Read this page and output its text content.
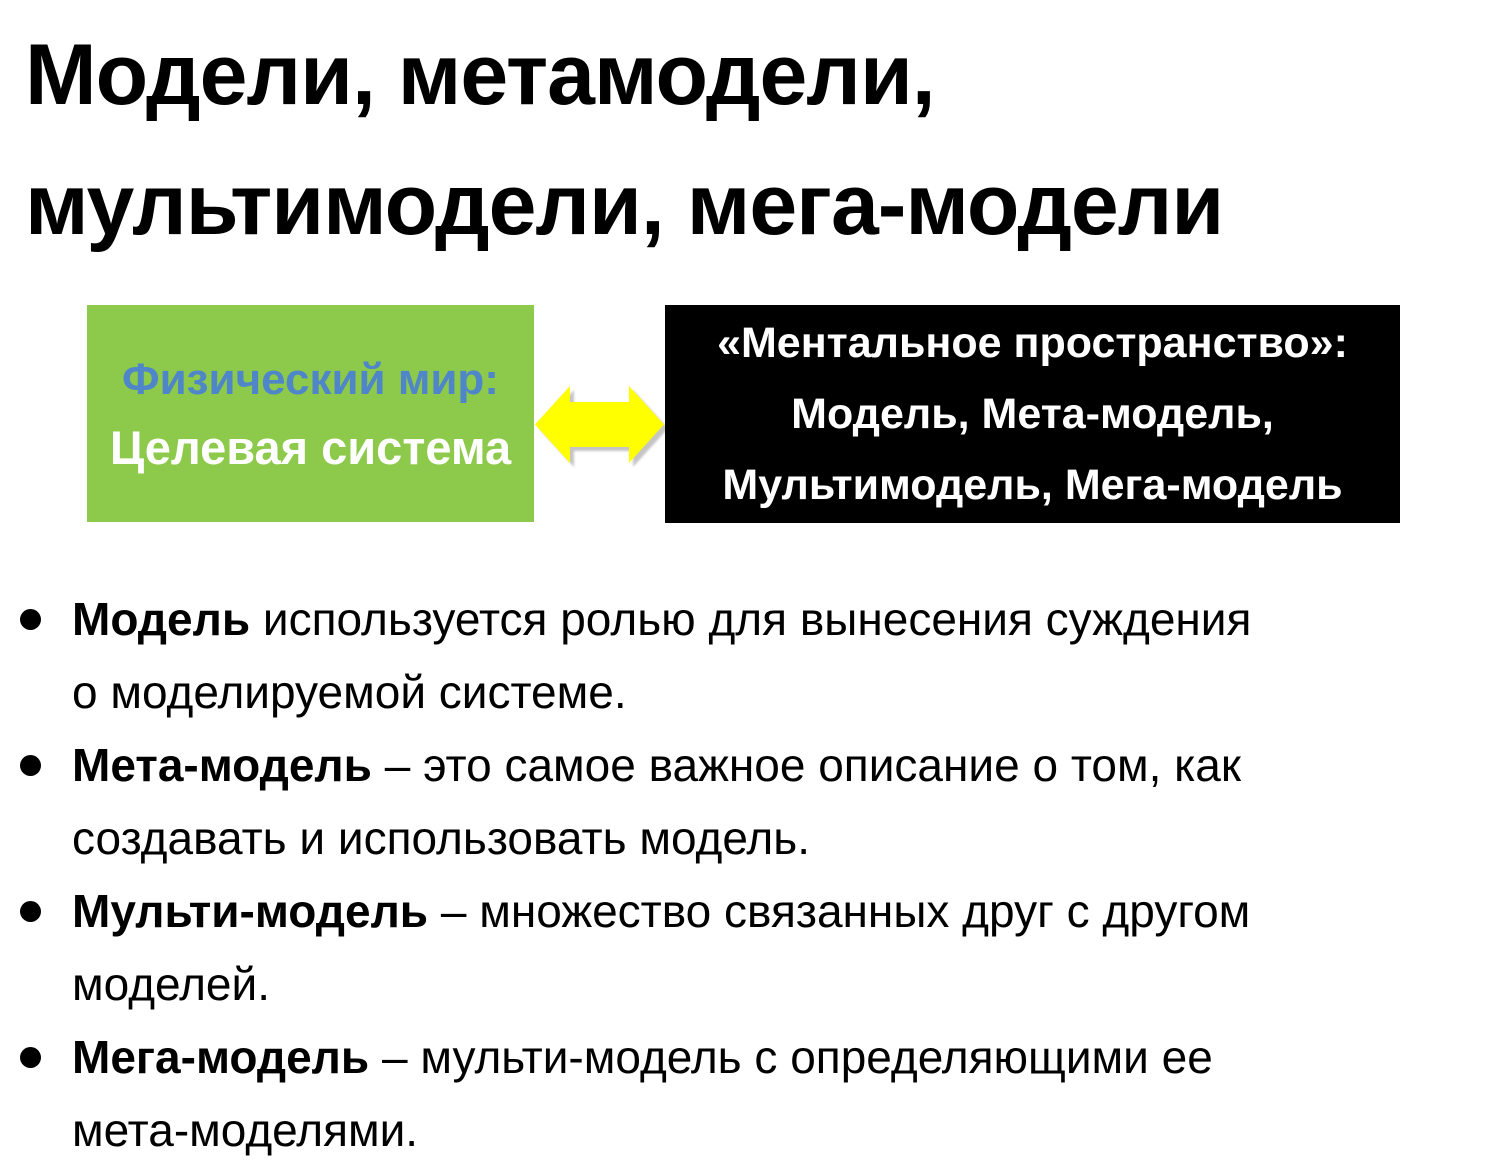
Модели, метамодели,
мультимодели, мега-модели
Физический мир:
Целевая система
«Ментальное пространство»:
Модель, Мета-модель,
Мультимодель, Мега-модель
Модель используется ролью для вынесения суждения
о моделируемой системе.
Мета-модель – это самое важное описание о том, как
создавать и использовать модель.
Мульти-модель – множество связанных друг с другом
моделей.
Мега-модель – мульти-модель с определяющими ее
мета-моделями.
